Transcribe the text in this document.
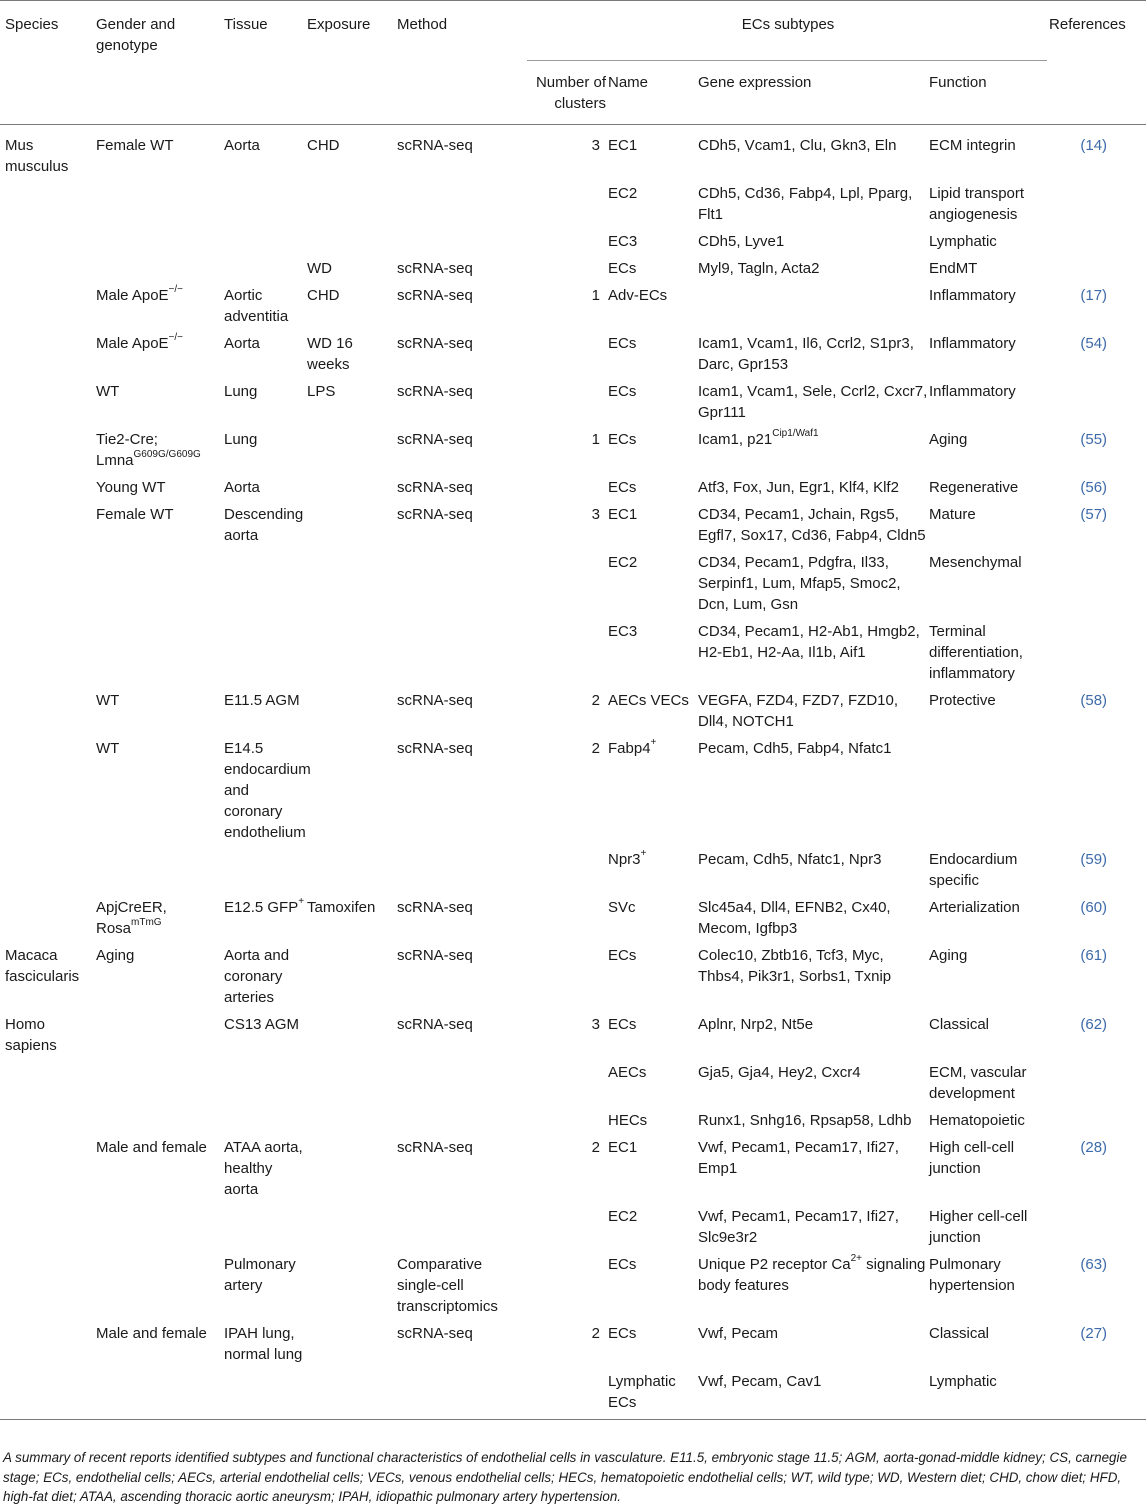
Species	Gender and genotype	Tissue	Exposure	Method	ECs subtypes				References
					Number of clusters	Name	Gene expression	Function	
Mus musculus	Female WT	Aorta	CHD	scRNA-seq	3	EC1	CDh5, Vcam1, Clu, Gkn3, Eln	ECM integrin	(14)
						EC2	CDh5, Cd36, Fabp4, Lpl, Pparg, Flt1	Lipid transport angiogenesis	
						EC3	CDh5, Lyve1	Lymphatic	
			WD	scRNA-seq		ECs	Myl9, Tagln, Acta2	EndMT	
	Male ApoE−/−	Aortic adventitia	CHD	scRNA-seq	1	Adv-ECs		Inflammatory	(17)
	Male ApoE−/−	Aorta	WD 16 weeks	scRNA-seq		ECs	Icam1, Vcam1, Il6, Ccrl2, S1pr3, Darc, Gpr153	Inflammatory	(54)
	WT	Lung	LPS	scRNA-seq		ECs	Icam1, Vcam1, Sele, Ccrl2, Cxcr7, Gpr111	Inflammatory	
	Tie2-Cre; Lmna$^{G609G/G609G}$	Lung		scRNA-seq	1	ECs	Icam1, $p21^{Cip1/Waf1}$	Aging	(55)
	Young WT	Aorta		scRNA-seq		ECs	Atf3, Fox, Jun, Egr1, Klf4, Klf2	Regenerative	(56)
	Female WT	Descending aorta		scRNA-seq	3	EC1	CD34, Pecam1, Jchain, Rgs5, Egfl7, Sox17, Cd36, Fabp4, Cldn5	Mature	(57)
						EC2	CD34, Pecam1, Pdgfra, Il33, Serpinf1, Lum, Mfap5, Smoc2, Dcn, Lum, Gsn	Mesenchymal	
						EC3	CD34, Pecam1, H2-Ab1, Hmgb2, H2-Eb1, H2-Aa, Il1b, Aif1	Terminal differentiation, inflammatory	
	WT	E11.5 AGM		scRNA-seq	2	AECs VECs	VEGFA, FZD4, FZD7, FZD10, Dll4, NOTCH1	Protective	(58)
	WT	E14.5 endocardium and coronary endothelium		scRNA-seq	2	Fabp4+	Pecam, Cdh5, Fabp4, Nfatc1		
						Npr3+	Pecam, Cdh5, Nfatc1, Npr3	Endocardium specific	(59)
	ApjCreER, Rosa$^{mTmG}$	E12.5 GFP+	Tamoxifen	scRNA-seq		SVc	Slc45a4, Dll4, EFNB2, Cx40, Mecom, Igfbp3	Arterialization	(60)
Macaca fascicularis	Aging	Aorta and coronary arteries		scRNA-seq		ECs	Colec10, Zbtb16, Tcf3, Myc, Thbs4, Pik3r1, Sorbs1, Txnip	Aging	(61)
Homo sapiens		CS13 AGM		scRNA-seq	3	ECs	Aplnr, Nrp2, Nt5e	Classical	(62)
						AECs	Gja5, Gja4, Hey2, Cxcr4	ECM, vascular development	
						HECs	Runx1, Snhg16, Rpsap58, Ldhb	Hematopoietic	
	Male and female	ATAA aorta, healthy aorta		scRNA-seq	2	EC1	Vwf, Pecam1, Pecam17, Ifi27, Emp1	High cell-cell junction	(28)
						EC2	Vwf, Pecam1, Pecam17, Ifi27, Slc9e3r2	Higher cell-cell junction	
		Pulmonary artery		Comparative single-cell transcriptomics		ECs	Unique P2 receptor $Ca^{2+}$ signaling body features	Pulmonary hypertension	(63)
	Male and female	IPAH lung, normal lung		scRNA-seq	2	ECs	Vwf, Pecam	Classical	(27)
						Lymphatic ECs	Vwf, Pecam, Cav1	Lymphatic	
A summary of recent reports identified subtypes and functional characteristics of endothelial cells in vasculature. E11.5, embryonic stage 11.5; AGM, aorta-gonad-middle kidney; CS, carnegie stage; ECs, endothelial cells; AECs, arterial endothelial cells; VECs, venous endothelial cells; HECs, hematopoietic endothelial cells; WT, wild type; WD, Western diet; CHD, chow diet; HFD, high-fat diet; ATAA, ascending thoracic aortic aneurysm; IPAH, idiopathic pulmonary artery hypertension.
